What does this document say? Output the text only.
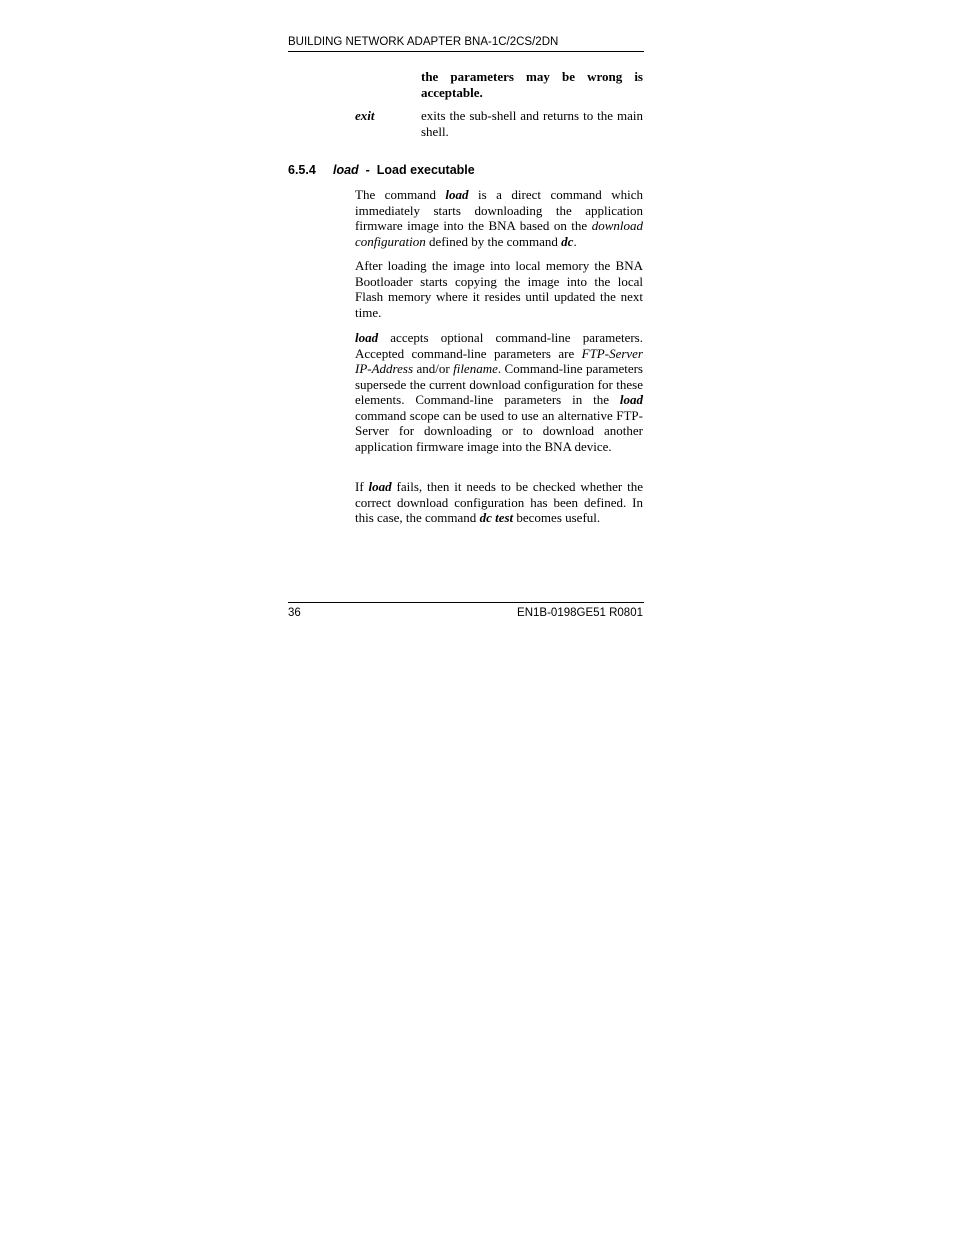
BUILDING NETWORK ADAPTER BNA-1C/2CS/2DN
the parameters may be wrong is acceptable.
exit	exits the sub-shell and returns to the main shell.
6.5.4 load - Load executable
The command load is a direct command which immediately starts downloading the application firmware image into the BNA based on the download configuration defined by the command dc.
After loading the image into local memory the BNA Bootloader starts copying the image into the local Flash memory where it resides until updated the next time.
load accepts optional command-line parameters. Accepted command-line parameters are FTP-Server IP-Address and/or filename. Command-line parameters supersede the current download configuration for these elements. Command-line parameters in the load command scope can be used to use an alternative FTP-Server for downloading or to download another application firmware image into the BNA device.
If load fails, then it needs to be checked whether the correct download configuration has been defined. In this case, the command dc test becomes useful.
36	EN1B-0198GE51 R0801
